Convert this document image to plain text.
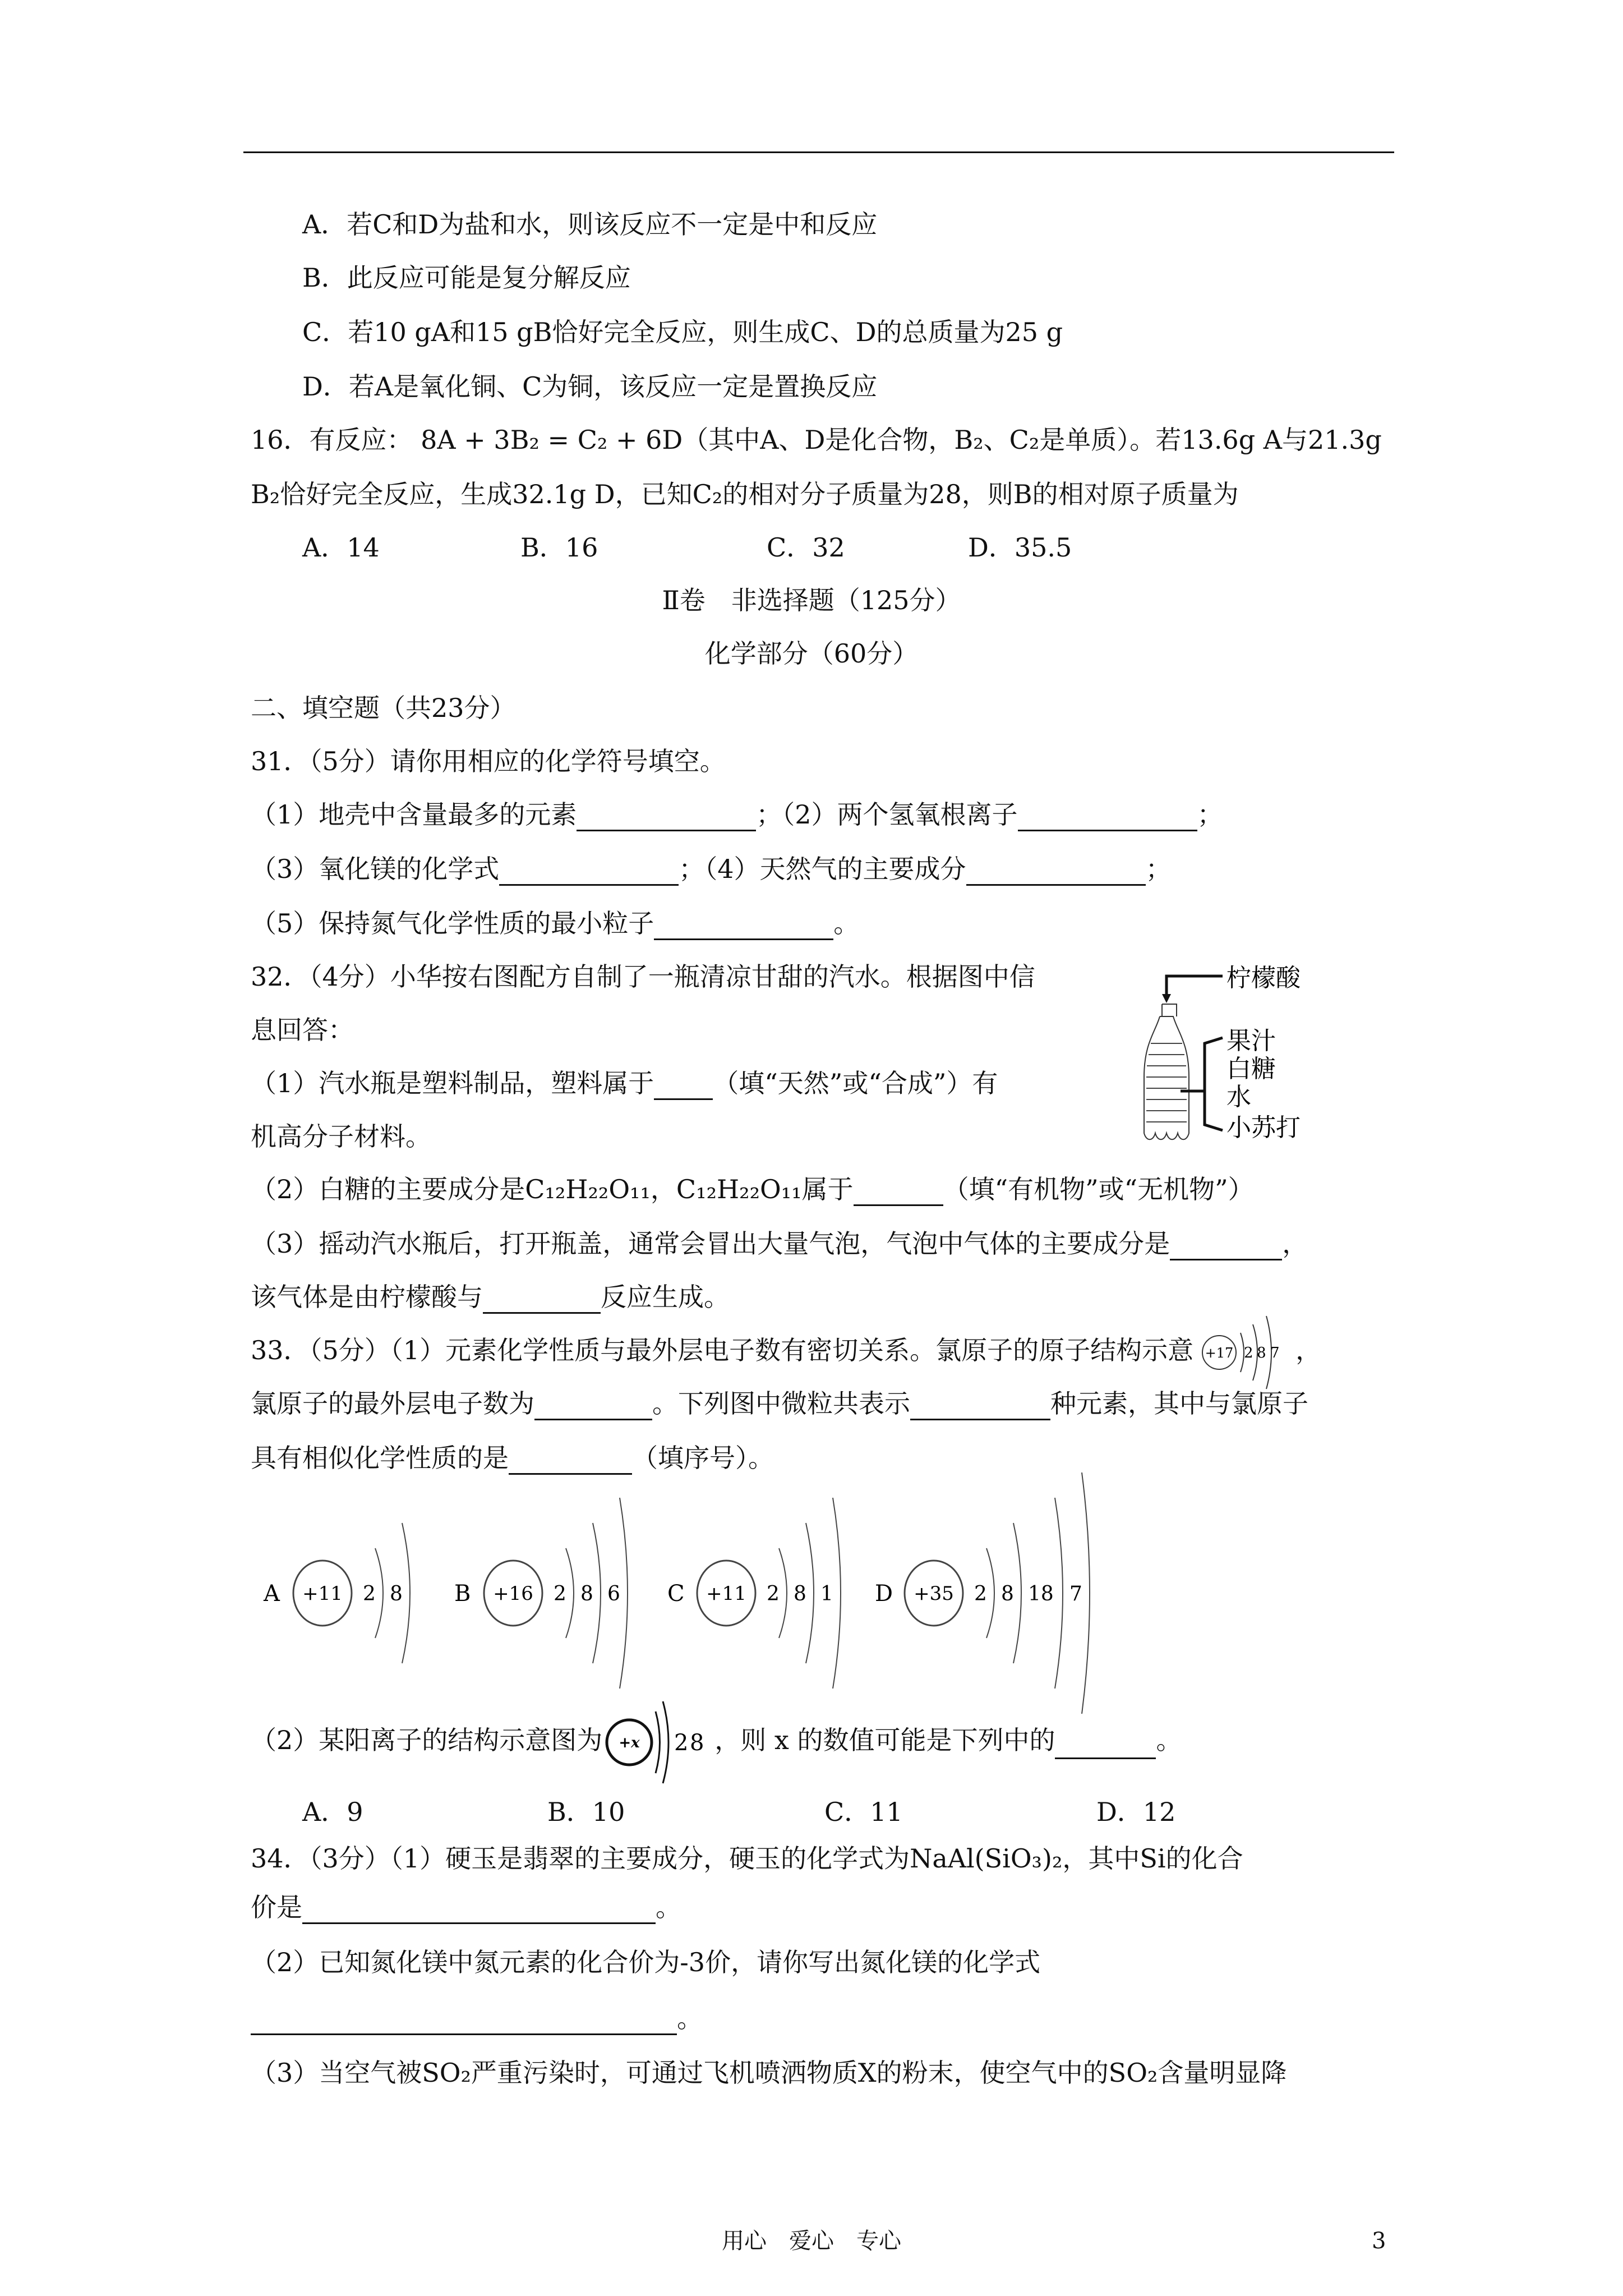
A．若C和D为盐和水，则该反应不一定是中和反应
B．此反应可能是复分解反应
C．若10 gA和15 gB恰好完全反应，则生成C、D的总质量为25 g
D．若A是氧化铜、C为铜，该反应一定是置换反应
16．有反应： 8A + 3B₂ = C₂ + 6D（其中A、D是化合物，B₂、C₂是单质）。若13.6g A与21.3g
B₂恰好完全反应，生成32.1g D，已知C₂的相对分子质量为28，则B的相对原子质量为
A．14	B．16	C．32	D．35.5
Ⅱ卷　非选择题（125分）
化学部分（60分）
二、填空题（共23分）
31．（5分）请你用相应的化学符号填空。
（1）地壳中含量最多的元素	；（2）两个氢氧根离子	；
（3）氧化镁的化学式	；（4）天然气的主要成分	；
（5）保持氮气化学性质的最小粒子	。
32．（4分）小华按右图配方自制了一瓶清凉甘甜的汽水。根据图中信
息回答：
（1）汽水瓶是塑料制品，塑料属于 （填“天然”或“合成”）有
机高分子材料。
（2）白糖的主要成分是C₁₂H₂₂O₁₁，C₁₂H₂₂O₁₁属于	（填“有机物”或“无机物”）
（3）摇动汽水瓶后，打开瓶盖，通常会冒出大量气泡，气泡中气体的主要成分是	，
该气体是由柠檬酸与	反应生成。
柠檬酸
果汁
白糖
水
小苏打
33．（5分）（1）元素化学性质与最外层电子数有密切关系。氯原子的原子结构示意 +17 2 8 7 ，
氯原子的最外层电子数为	。下列图中微粒共表示	种元素，其中与氯原子
具有相似化学性质的是	（填序号）。
A +11 2 8 B +16 2 8 6 C +11 2 8 1 D +35 2 8 18 7
（2）某阳离子的结构示意图为 +x 2 8 ，则 x 的数值可能是下列中的	。
A．9	B．10	C．11	D．12
34．（3分）（1）硬玉是翡翠的主要成分，硬玉的化学式为NaAl(SiO₃)₂，其中Si的化合
价是	。
（2）已知氮化镁中氮元素的化合价为-3价，请你写出氮化镁的化学式
。
（3）当空气被SO₂严重污染时，可通过飞机喷洒物质X的粉末，使空气中的SO₂含量明显降
用心　爱心　专心	3
